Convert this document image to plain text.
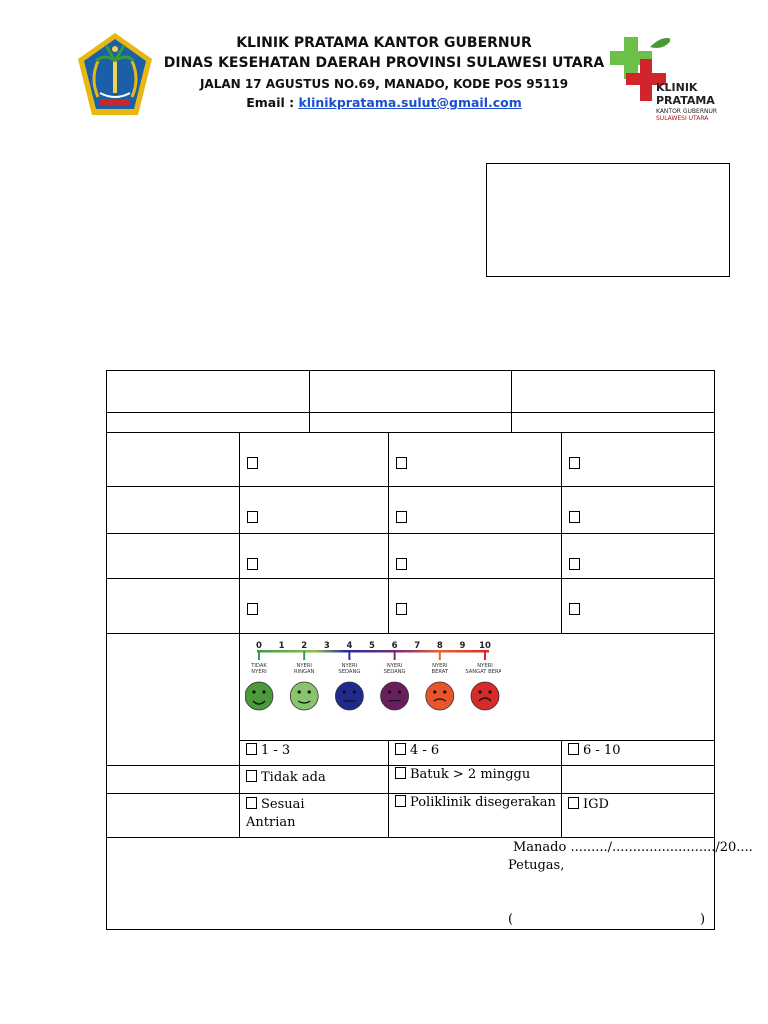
KLINIK PRATAMA KANTOR GUBERNUR
DINAS KESEHATAN DAERAH PROVINSI SULAWESI UTARA
JALAN 17 AGUSTUS NO.69, MANADO, KODE POS 95119
Email : klinikpratama.sulut@gmail.com
KLINIK
PRATAMA
KANTOR GUBERNUR
SULAWESI UTARA

	1 - 3	4 - 6	6 - 10
	Tidak ada	Batuk > 2 minggu	
	Sesuai
Antrian	Poliklinik disegerakan	IGD

Manado ........./........................./20....
Petugas,
( )			
0 1 2 3 4 5 6 7 8 9 10
TIDAK
NYERI
NYERI
RINGAN
NYERI
SEDANG
NYERI
SEDANG
NYERI
BERAT
NYERI
SANGAT BERAT
